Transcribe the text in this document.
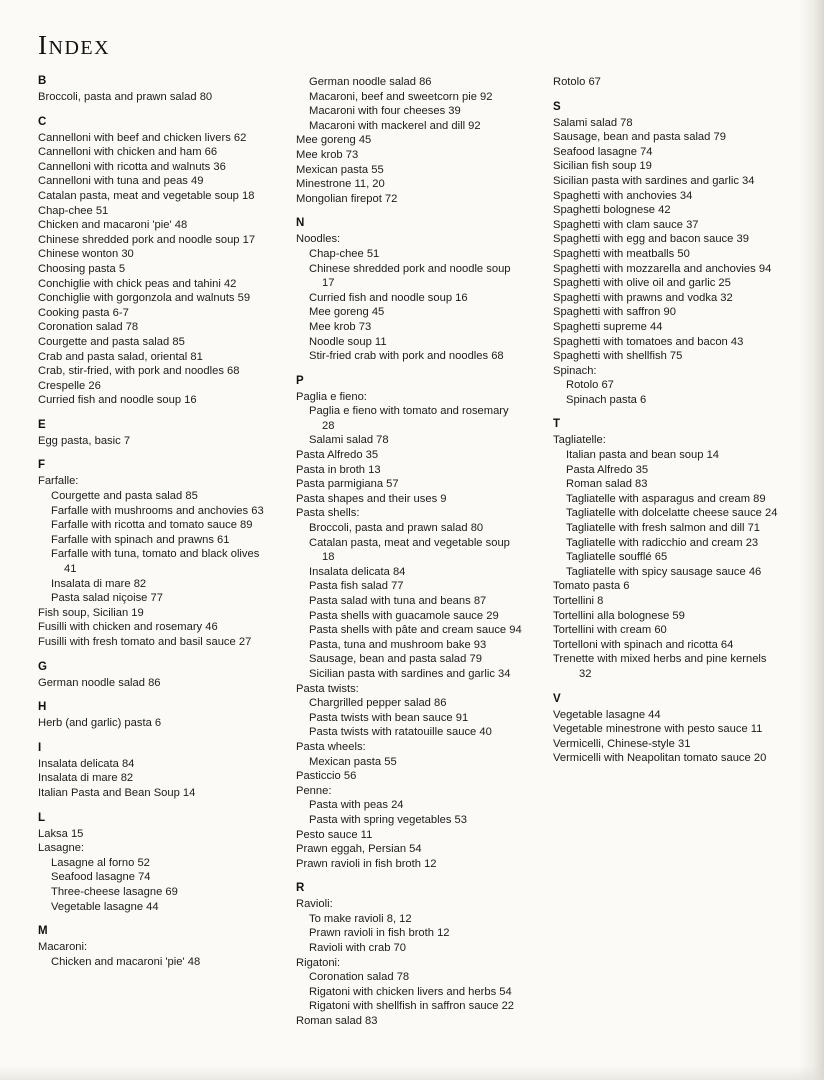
INDEX
B
Broccoli, pasta and prawn salad 80
C
Cannelloni with beef and chicken livers 62
Cannelloni with chicken and ham 66
Cannelloni with ricotta and walnuts 36
Cannelloni with tuna and peas 49
Catalan pasta, meat and vegetable soup 18
Chap-chee 51
Chicken and macaroni 'pie' 48
Chinese shredded pork and noodle soup 17
Chinese wonton 30
Choosing pasta 5
Conchiglie with chick peas and tahini 42
Conchiglie with gorgonzola and walnuts 59
Cooking pasta 6-7
Coronation salad 78
Courgette and pasta salad 85
Crab and pasta salad, oriental 81
Crab, stir-fried, with pork and noodles 68
Crespelle 26
Curried fish and noodle soup 16
E
Egg pasta, basic 7
F
Farfalle:
Courgette and pasta salad 85
Farfalle with mushrooms and anchovies 63
Farfalle with ricotta and tomato sauce 89
Farfalle with spinach and prawns 61
Farfalle with tuna, tomato and black olives
41
Insalata di mare 82
Pasta salad niçoise 77
Fish soup, Sicilian 19
Fusilli with chicken and rosemary 46
Fusilli with fresh tomato and basil sauce 27
G
German noodle salad 86
H
Herb (and garlic) pasta 6
I
Insalata delicata 84
Insalata di mare 82
Italian Pasta and Bean Soup 14
L
Laksa 15
Lasagne:
Lasagne al forno 52
Seafood lasagne 74
Three-cheese lasagne 69
Vegetable lasagne 44
M
Macaroni:
Chicken and macaroni 'pie' 48
German noodle salad 86
Macaroni, beef and sweetcorn pie 92
Macaroni with four cheeses 39
Macaroni with mackerel and dill 92
Mee goreng 45
Mee krob 73
Mexican pasta 55
Minestrone 11, 20
Mongolian firepot 72
N
Noodles:
Chap-chee 51
Chinese shredded pork and noodle soup
17
Curried fish and noodle soup 16
Mee goreng 45
Mee krob 73
Noodle soup 11
Stir-fried crab with pork and noodles 68
P
Paglia e fieno:
Paglia e fieno with tomato and rosemary
28
Salami salad 78
Pasta Alfredo 35
Pasta in broth 13
Pasta parmigiana 57
Pasta shapes and their uses 9
Pasta shells:
Broccoli, pasta and prawn salad 80
Catalan pasta, meat and vegetable soup
18
Insalata delicata 84
Pasta fish salad 77
Pasta salad with tuna and beans 87
Pasta shells with guacamole sauce 29
Pasta shells with pâte and cream sauce 94
Pasta, tuna and mushroom bake 93
Sausage, bean and pasta salad 79
Sicilian pasta with sardines and garlic 34
Pasta twists:
Chargrilled pepper salad 86
Pasta twists with bean sauce 91
Pasta twists with ratatouille sauce 40
Pasta wheels:
Mexican pasta 55
Pasticcio 56
Penne:
Pasta with peas 24
Pasta with spring vegetables 53
Pesto sauce 11
Prawn eggah, Persian 54
Prawn ravioli in fish broth 12
R
Ravioli:
To make ravioli 8, 12
Prawn ravioli in fish broth 12
Ravioli with crab 70
Rigatoni:
Coronation salad 78
Rigatoni with chicken livers and herbs 54
Rigatoni with shellfish in saffron sauce 22
Roman salad 83
Rotolo 67
S
Salami salad 78
Sausage, bean and pasta salad 79
Seafood lasagne 74
Sicilian fish soup 19
Sicilian pasta with sardines and garlic 34
Spaghetti with anchovies 34
Spaghetti bolognese 42
Spaghetti with clam sauce 37
Spaghetti with egg and bacon sauce 39
Spaghetti with meatballs 50
Spaghetti with mozzarella and anchovies 94
Spaghetti with olive oil and garlic 25
Spaghetti with prawns and vodka 32
Spaghetti with saffron 90
Spaghetti supreme 44
Spaghetti with tomatoes and bacon 43
Spaghetti with shellfish 75
Spinach:
Rotolo 67
Spinach pasta 6
T
Tagliatelle:
Italian pasta and bean soup 14
Pasta Alfredo 35
Roman salad 83
Tagliatelle with asparagus and cream 89
Tagliatelle with dolcelatte cheese sauce 24
Tagliatelle with fresh salmon and dill 71
Tagliatelle with radicchio and cream 23
Tagliatelle soufflé 65
Tagliatelle with spicy sausage sauce 46
Tomato pasta 6
Tortellini 8
Tortellini alla bolognese 59
Tortellini with cream 60
Tortelloni with spinach and ricotta 64
Trenette with mixed herbs and pine kernels
32
V
Vegetable lasagne 44
Vegetable minestrone with pesto sauce 11
Vermicelli, Chinese-style 31
Vermicelli with Neapolitan tomato sauce 20
